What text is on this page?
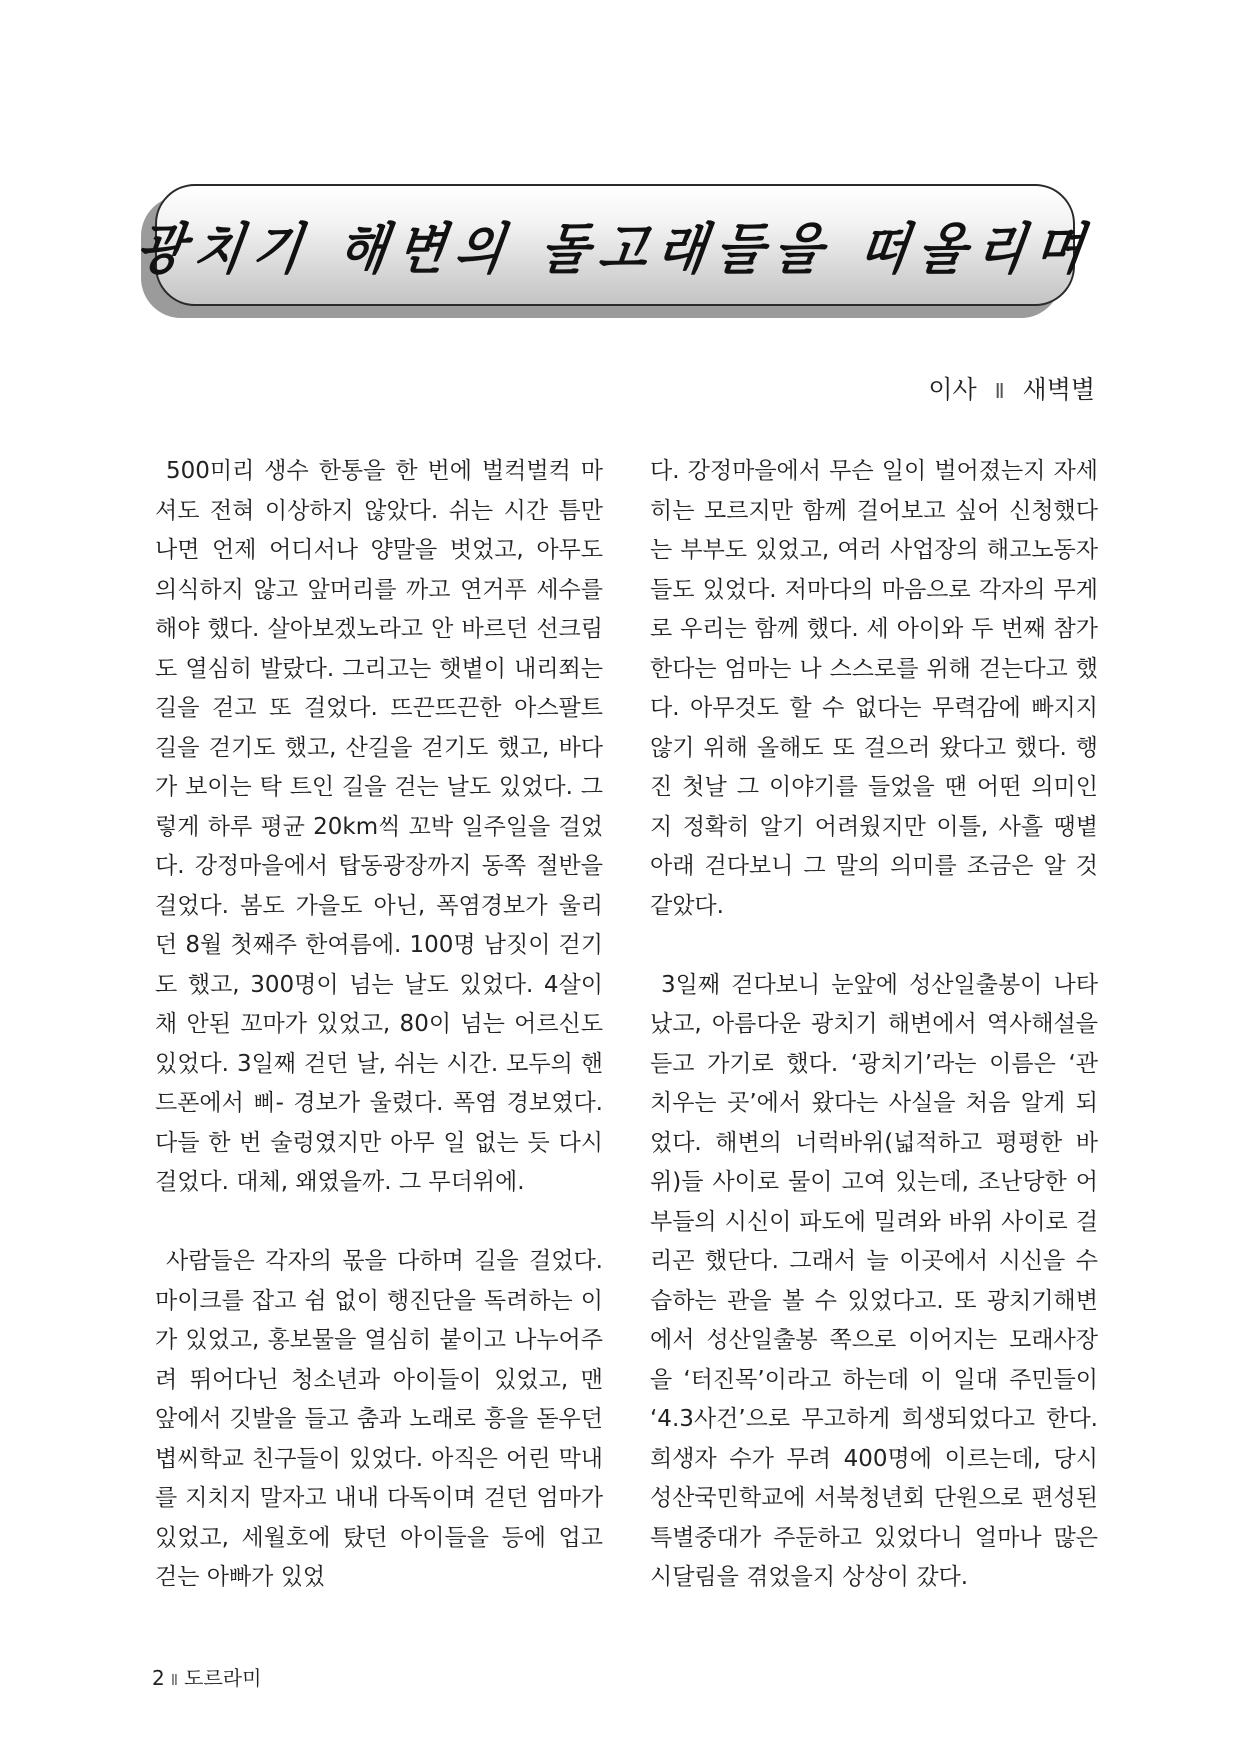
광치기 해변의 돌고래들을 떠올리며
이사 Ⅱ 새벽별

500미리 생수 한통을 한 번에 벌컥벌컥 마셔도 전혀 이상하지 않았다. 쉬는 시간 틈만 나면 언제 어디서나 양말을 벗었고, 아무도 의식하지 않고 앞머리를 까고 연거푸 세수를 해야 했다. 살아보겠노라고 안 바르던 선크림도 열심히 발랐다. 그리고는 햇볕이 내리쬐는 길을 걷고 또 걸었다. 뜨끈뜨끈한 아스팔트 길을 걷기도 했고, 산길을 걷기도 했고, 바다가 보이는 탁 트인 길을 걷는 날도 있었다. 그렇게 하루 평균 20km씩 꼬박 일주일을 걸었다. 강정마을에서 탑동광장까지 동쪽 절반을 걸었다. 봄도 가을도 아닌, 폭염경보가 울리던 8월 첫째주 한여름에. 100명 남짓이 걷기도 했고, 300명이 넘는 날도 있었다. 4살이 채 안된 꼬마가 있었고, 80이 넘는 어르신도 있었다. 3일째 걷던 날, 쉬는 시간. 모두의 핸드폰에서 삐- 경보가 울렸다. 폭염 경보였다. 다들 한 번 술렁였지만 아무 일 없는 듯 다시 걸었다. 대체, 왜였을까. 그 무더위에.

사람들은 각자의 몫을 다하며 길을 걸었다. 마이크를 잡고 쉼 없이 행진단을 독려하는 이가 있었고, 홍보물을 열심히 붙이고 나누어주려 뛰어다닌 청소년과 아이들이 있었고, 맨 앞에서 깃발을 들고 춤과 노래로 흥을 돋우던 볍씨학교 친구들이 있었다. 아직은 어린 막내를 지치지 말자고 내내 다독이며 걷던 엄마가 있었고, 세월호에 탔던 아이들을 등에 업고 걷는 아빠가 있었

다. 강정마을에서 무슨 일이 벌어졌는지 자세히는 모르지만 함께 걸어보고 싶어 신청했다는 부부도 있었고, 여러 사업장의 해고노동자들도 있었다. 저마다의 마음으로 각자의 무게로 우리는 함께 했다. 세 아이와 두 번째 참가한다는 엄마는 나 스스로를 위해 걷는다고 했다. 아무것도 할 수 없다는 무력감에 빠지지 않기 위해 올해도 또 걸으러 왔다고 했다. 행진 첫날 그 이야기를 들었을 땐 어떤 의미인지 정확히 알기 어려웠지만 이틀, 사흘 땡볕 아래 걷다보니 그 말의 의미를 조금은 알 것 같았다.

3일째 걷다보니 눈앞에 성산일출봉이 나타났고, 아름다운 광치기 해변에서 역사해설을 듣고 가기로 했다. ‘광치기’라는 이름은 ‘관 치우는 곳’에서 왔다는 사실을 처음 알게 되었다. 해변의 너럭바위(넓적하고 평평한 바위)들 사이로 물이 고여 있는데, 조난당한 어부들의 시신이 파도에 밀려와 바위 사이로 걸리곤 했단다. 그래서 늘 이곳에서 시신을 수습하는 관을 볼 수 있었다고. 또 광치기해변에서 성산일출봉 쪽으로 이어지는 모래사장을 ‘터진목’이라고 하는데 이 일대 주민들이 ‘4.3사건’으로 무고하게 희생되었다고 한다. 희생자 수가 무려 400명에 이르는데, 당시 성산국민학교에 서북청년회 단원으로 편성된 특별중대가 주둔하고 있었다니 얼마나 많은 시달림을 겪었을지 상상이 갔다.

2 Ⅱ 도르라미
